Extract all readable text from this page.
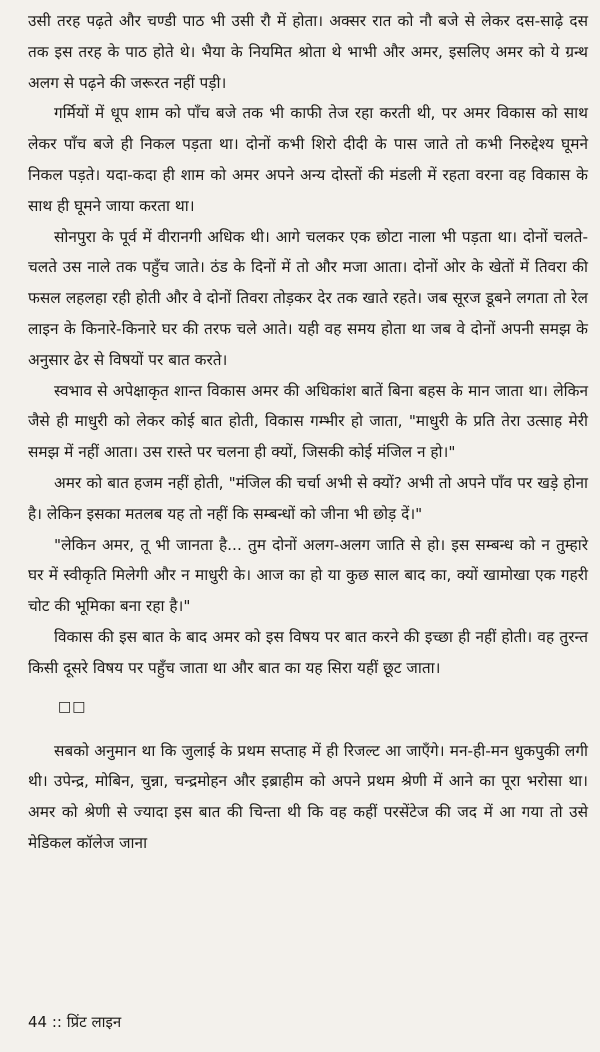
उसी तरह पढ़ते और चण्डी पाठ भी उसी रौ में होता। अक्सर रात को नौ बजे से लेकर दस-साढ़े दस तक इस तरह के पाठ होते थे। भैया के नियमित श्रोता थे भाभी और अमर, इसलिए अमर को ये ग्रन्थ अलग से पढ़ने की जरूरत नहीं पड़ी।

गर्मियों में धूप शाम को पाँच बजे तक भी काफी तेज रहा करती थी, पर अमर विकास को साथ लेकर पाँच बजे ही निकल पड़ता था। दोनों कभी शिरो दीदी के पास जाते तो कभी निरुद्देश्य घूमने निकल पड़ते। यदा-कदा ही शाम को अमर अपने अन्य दोस्तों की मंडली में रहता वरना वह विकास के साथ ही घूमने जाया करता था।

सोनपुरा के पूर्व में वीरानगी अधिक थी। आगे चलकर एक छोटा नाला भी पड़ता था। दोनों चलते-चलते उस नाले तक पहुँच जाते। ठंड के दिनों में तो और मजा आता। दोनों ओर के खेतों में तिवरा की फसल लहलहा रही होती और वे दोनों तिवरा तोड़कर देर तक खाते रहते। जब सूरज डूबने लगता तो रेल लाइन के किनारे-किनारे घर की तरफ चले आते। यही वह समय होता था जब वे दोनों अपनी समझ के अनुसार ढेर से विषयों पर बात करते।

स्वभाव से अपेक्षाकृत शान्त विकास अमर की अधिकांश बातें बिना बहस के मान जाता था। लेकिन जैसे ही माधुरी को लेकर कोई बात होती, विकास गम्भीर हो जाता, "माधुरी के प्रति तेरा उत्साह मेरी समझ में नहीं आता। उस रास्ते पर चलना ही क्यों, जिसकी कोई मंजिल न हो।"

अमर को बात हजम नहीं होती, "मंजिल की चर्चा अभी से क्यों? अभी तो अपने पाँव पर खड़े होना है। लेकिन इसका मतलब यह तो नहीं कि सम्बन्धों को जीना भी छोड़ दें।"

"लेकिन अमर, तू भी जानता है... तुम दोनों अलग-अलग जाति से हो। इस सम्बन्ध को न तुम्हारे घर में स्वीकृति मिलेगी और न माधुरी के। आज का हो या कुछ साल बाद का, क्यों खामोखा एक गहरी चोट की भूमिका बना रहा है।"

विकास की इस बात के बाद अमर को इस विषय पर बात करने की इच्छा ही नहीं होती। वह तुरन्त किसी दूसरे विषय पर पहुँच जाता था और बात का यह सिरा यहीं छूट जाता।

□□

सबको अनुमान था कि जुलाई के प्रथम सप्ताह में ही रिजल्ट आ जाएँगे। मन-ही-मन धुकपुकी लगी थी। उपेन्द्र, मोबिन, चुन्ना, चन्द्रमोहन और इब्राहीम को अपने प्रथम श्रेणी में आने का पूरा भरोसा था। अमर को श्रेणी से ज्यादा इस बात की चिन्ता थी कि वह कहीं परसेंटेज की जद में आ गया तो उसे मेडिकल कॉलेज जाना

44 :: प्रिंट लाइन
